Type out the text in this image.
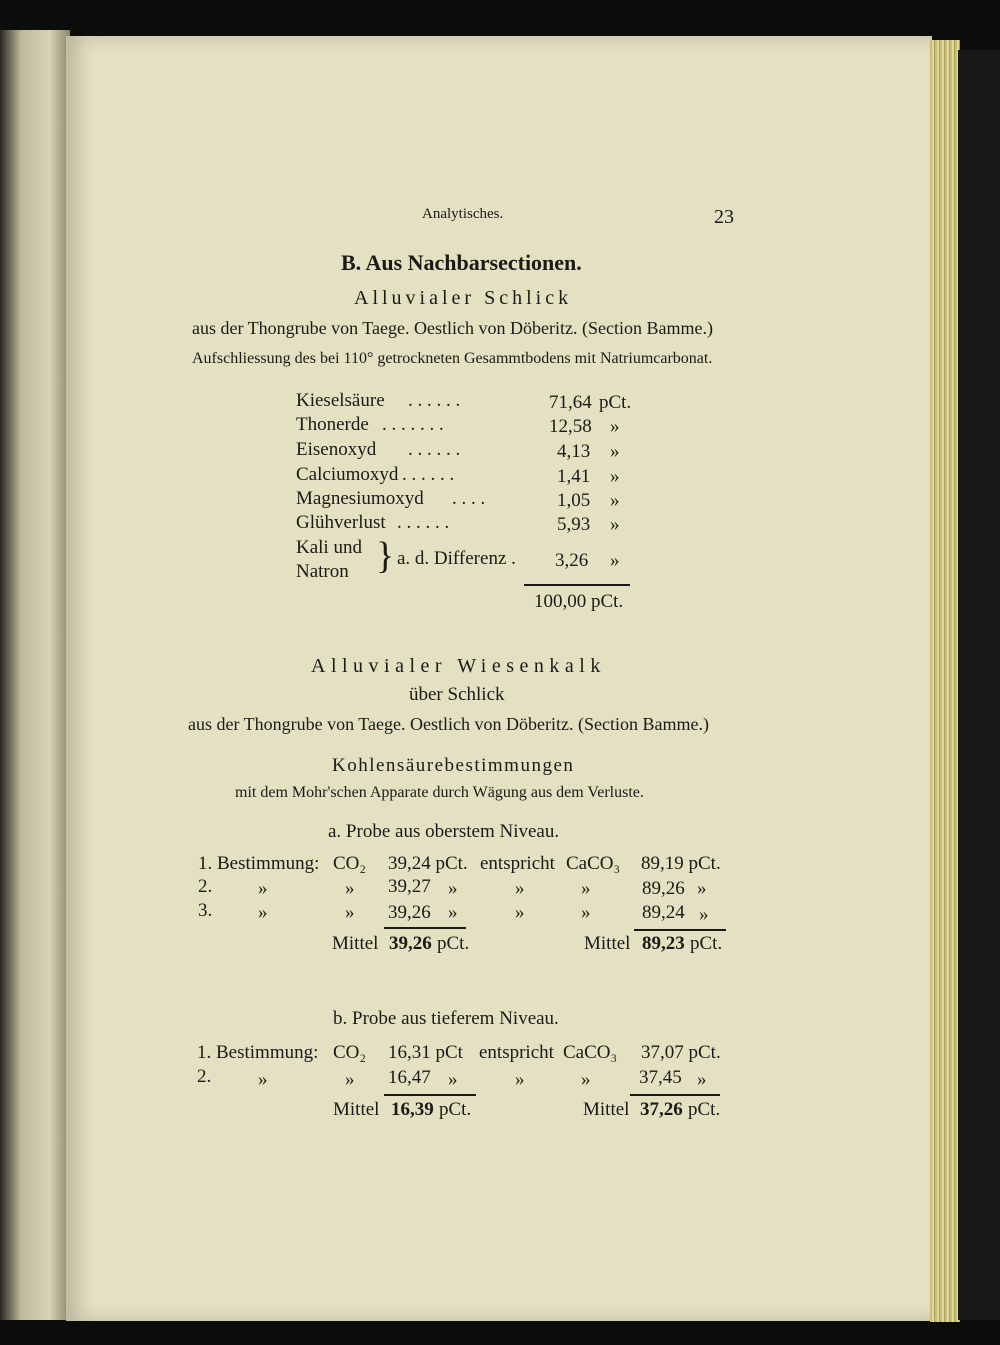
Analytisches.	23
B. Aus Nachbarsectionen.
Alluvialer Schlick
aus der Thongrube von Taege. Oestlich von Döberitz. (Section Bamme.)
Aufschliessung des bei 110° getrockneten Gesammtbodens mit Natriumcarbonat.
Kieselsäure . . . . . .	71,64 pCt.
Thonerde . . . . . . .	12,58 »
Eisenoxyd . . . . . .	4,13 »
Calciumoxyd . . . . . .	1,41 »
Magnesiumoxyd . . . .	1,05 »
Glühverlust . . . . . .	5,93 »
Kali und
Natron } a. d. Differenz . 3,26 »
100,00 pCt.
Alluvialer Wiesenkalk
über Schlick
aus der Thongrube von Taege. Oestlich von Döberitz. (Section Bamme.)
Kohlensäurebestimmungen
mit dem Mohr'schen Apparate durch Wägung aus dem Verluste.
a. Probe aus oberstem Niveau.
1. Bestimmung: CO₂ 39,24 pCt. entspricht CaCO₃ 89,19 pCt.
2. »	» 39,27 »	»	»	89,26 »
3. »	» 39,26 »	»	»	89,24 »
Mittel 39,26 pCt.	Mittel 89,23 pCt.
b. Probe aus tieferem Niveau.
1. Bestimmung: CO₂ 16,31 pCt entspricht CaCO₃ 37,07 pCt.
2. »	» 16,47 »	»	»	37,45 »
Mittel 16,39 pCt.	Mittel 37,26 pCt.
